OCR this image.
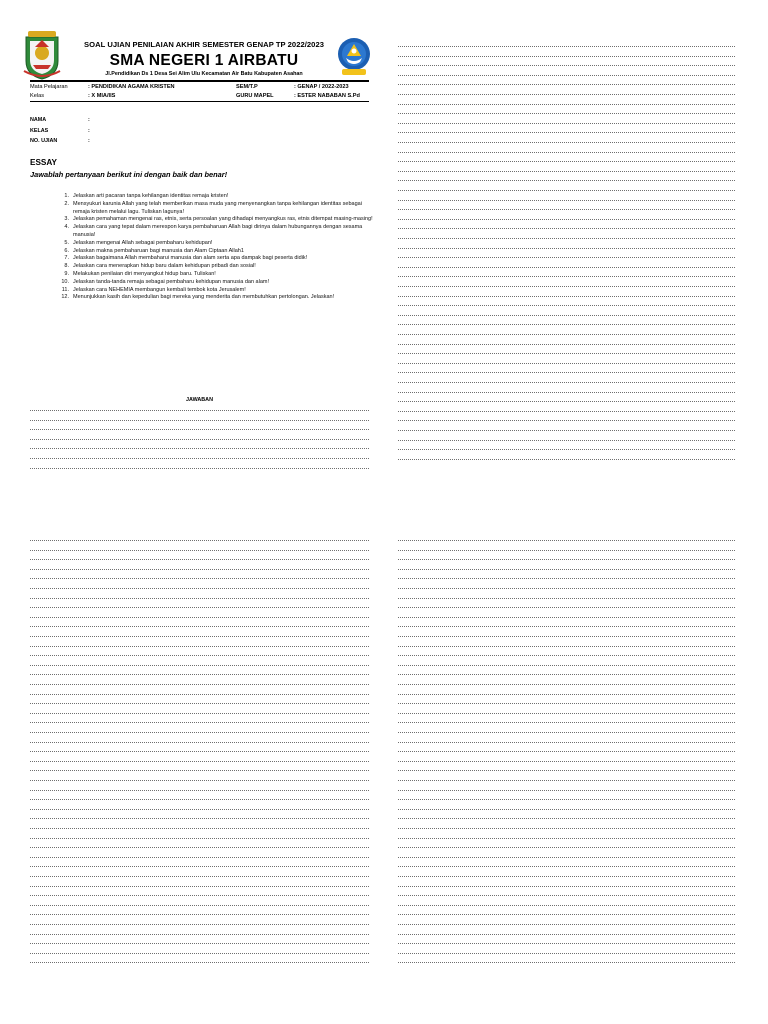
SOAL UJIAN PENILAIAN AKHIR SEMESTER GENAP TP 2022/2023
SMA NEGERI 1 AIRBATU
Jl.Pendidikan Ds 1 Desa Sei Alim Ulu Kecamatan Air Batu Kabupaten Asahan
Mata Pelajaran	: PENDIDIKAN AGAMA KRISTEN	SEM/T.P	: GENAP / 2022-2023
Kelas	: X MIA/IIS	GURU MAPEL	: ESTER NABABAN S.Pd
NAMA	:
KELAS	:
NO. UJIAN	:
ESSAY
Jawablah pertanyaan berikut ini dengan baik dan benar!
1. Jelaskan arti pacaran tanpa kehilangan identitas remaja kristen!
2. Mensyukuri karunia Allah yang telah memberikan masa muda yang menyenangkan tanpa kehilangan identitas sebagai remaja kristen melalui lagu. Tuliskan lagunya!
3. Jelaskan pemahaman mengenai ras, etnis, serta persoalan yang dihadapi menyangkus ras, etnis ditempat masing-masing!
4. Jelaskan cara yang tepat dalam merespon karya pembaharuan Allah bagi dirinya dalam hubungannya dengan sesama manusia!
5. Jelaskan mengenai Allah sebagai pembaharu kehidupan!
6. Jelaskan makna pembaharuan bagi manusia dan Alam Ciptaan Allah1
7. Jelaskan bagaimana Allah membaharui manusia dan alam serta apa dampak bagi peserta didik!
8. Jelaskan cara menerapkan hidup baru dalam kehidupan pribadi dan sosial!
9. Melakukan penilaian diri menyangkut hidup baru. Tuliskan!
10. Jelaskan tanda-tanda remaja sebagai pembaharu kehidupan manusia dan alam!
11. Jelaskan cara NEHEMIA membangun kembali tembok kota Jerusalem!
12. Menunjukkan kasih dan kepedulian bagi mereka yang menderita dan membutuhkan pertolongan. Jelaskan!
JAWABAN
